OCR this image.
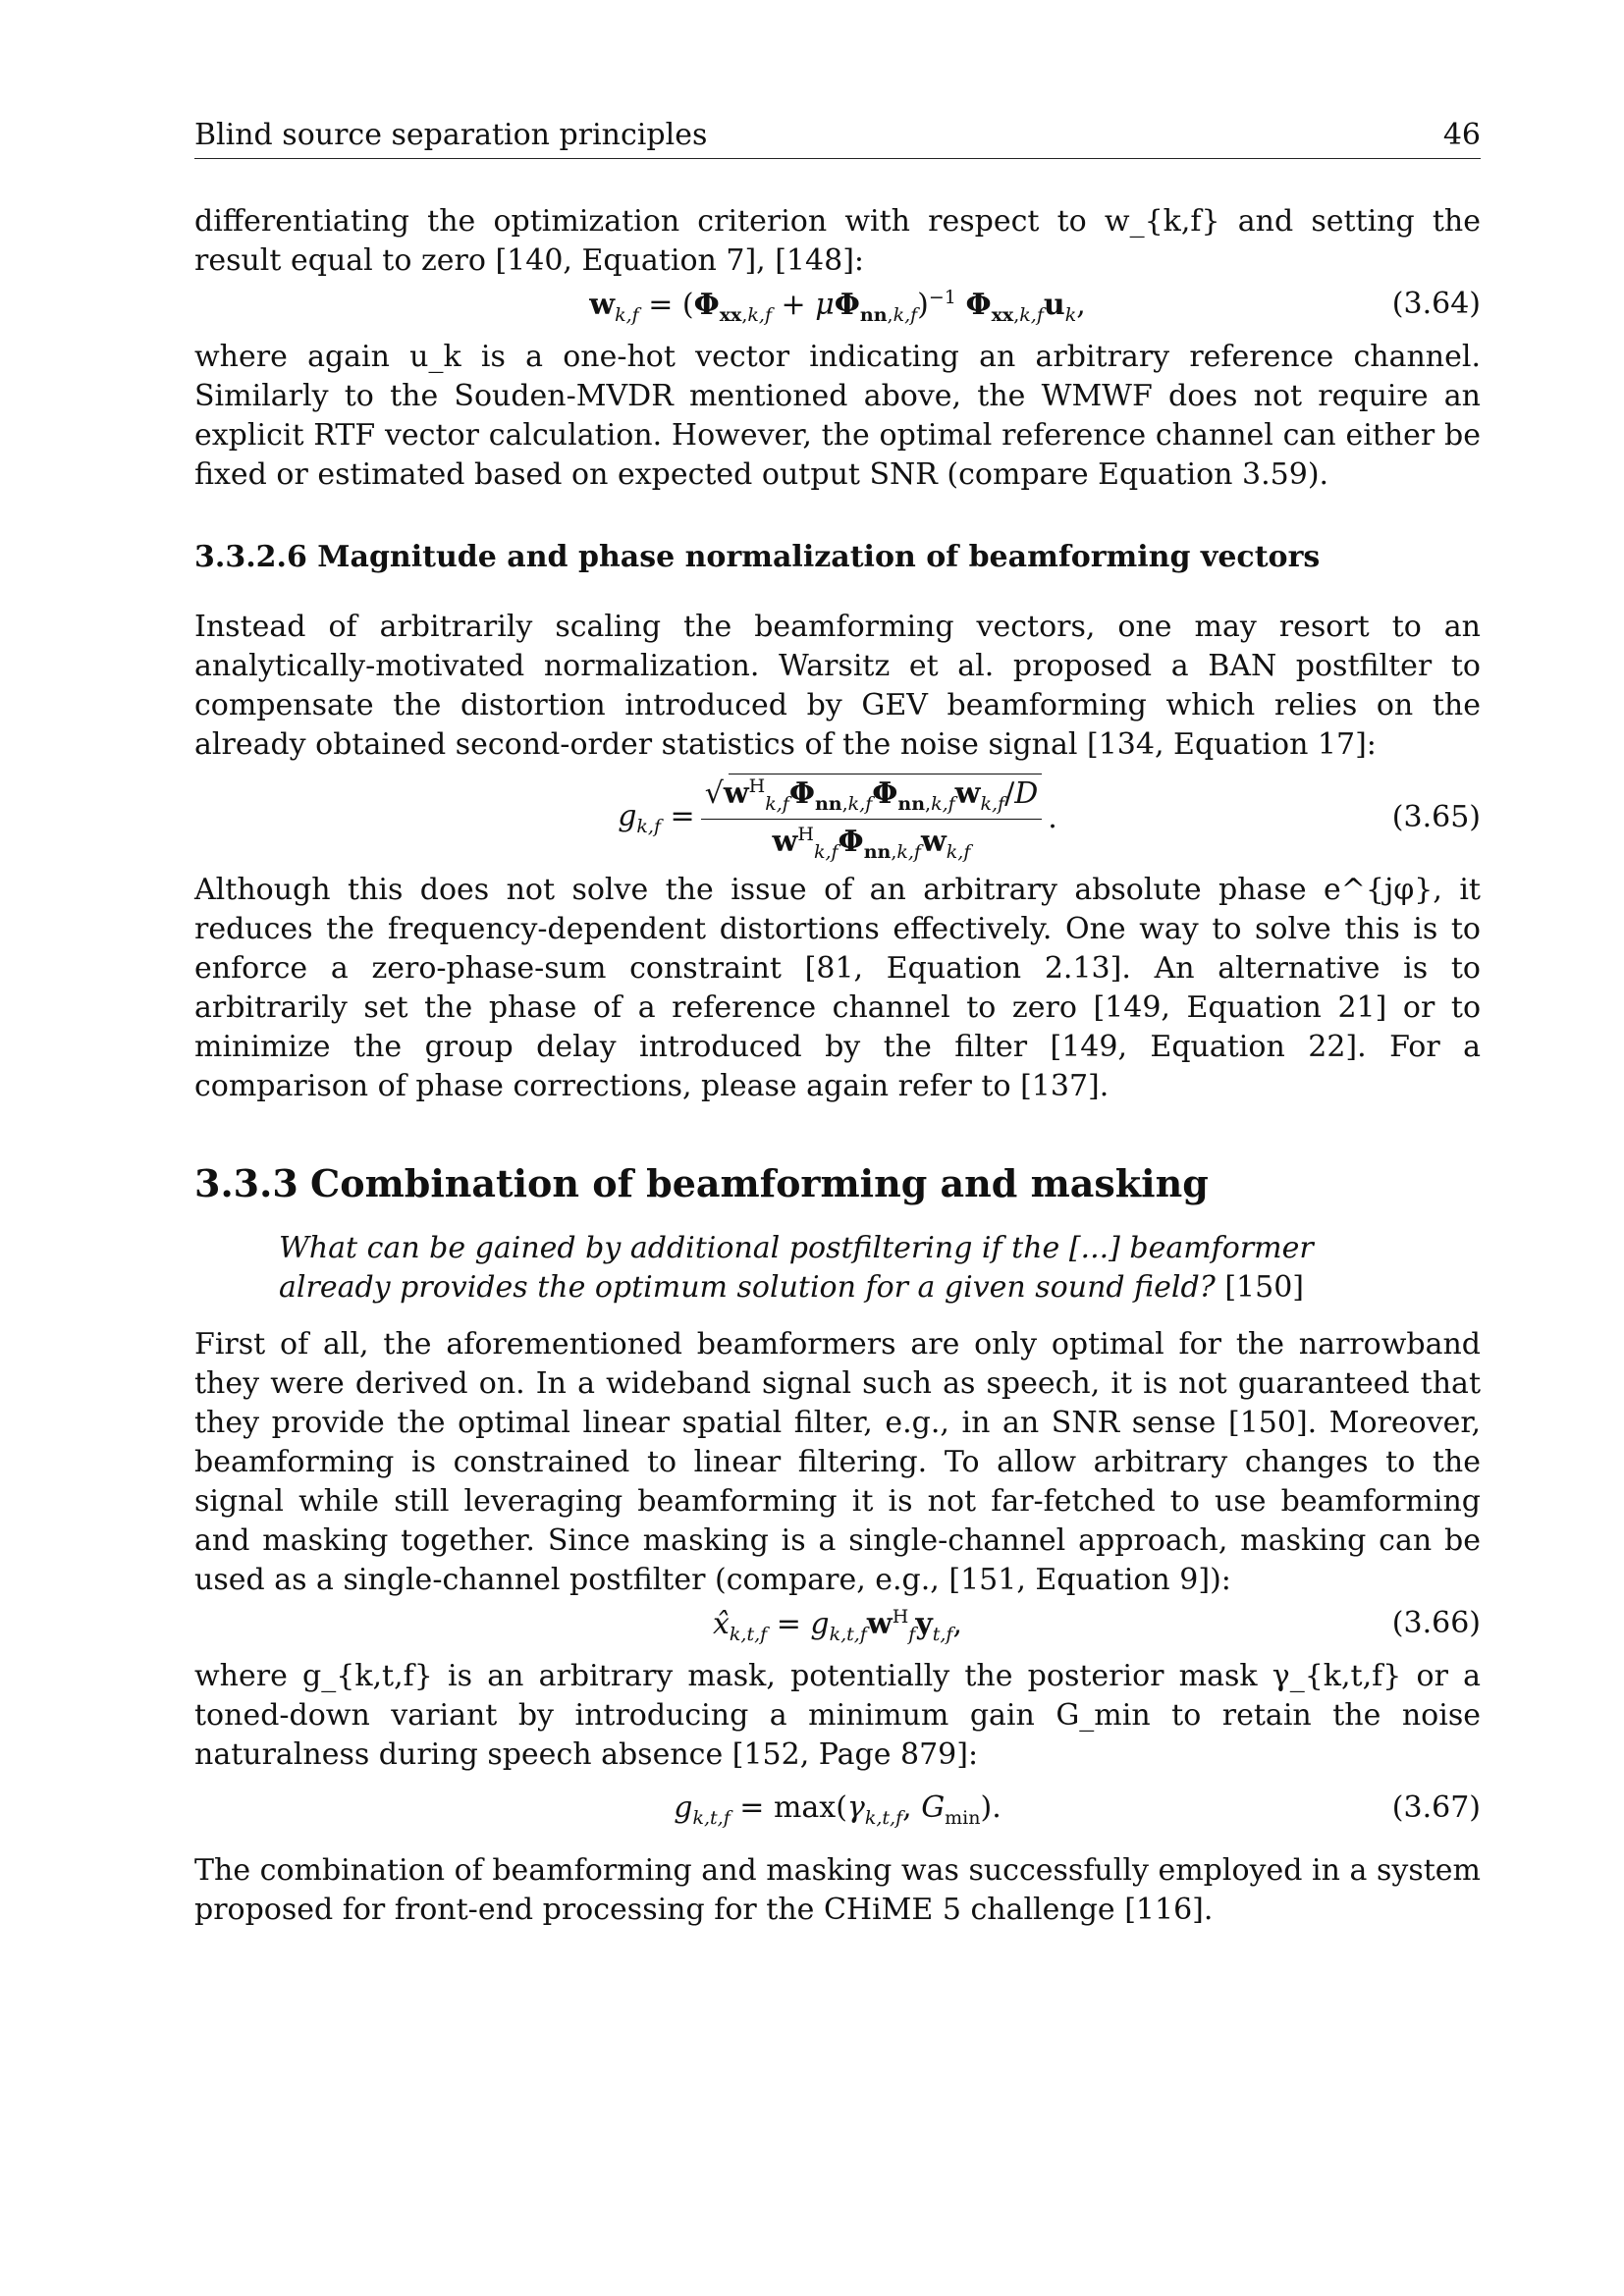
Blind source separation principles	46

differentiating the optimization criterion with respect to w_{k,f} and setting the result equal to zero [140, Equation 7], [148]:

$w_{k,f} = (\Phi_{xx,k,f} + \mu\Phi_{nn,k,f})^{-1}$ $\Phi_{xx,k,f}u_k$,	(3.64)

where again u_k is a one-hot vector indicating an arbitrary reference channel. Similarly to the Souden-MVDR mentioned above, the WMWF does not require an explicit RTF vector calculation. However, the optimal reference channel can either be fixed or estimated based on expected output SNR (compare Equation 3.59).

3.3.2.6 Magnitude and phase normalization of beamforming vectors

Instead of arbitrarily scaling the beamforming vectors, one may resort to an analytically-motivated normalization. Warsitz et al. proposed a BAN postfilter to compensate the distortion introduced by GEV beamforming which relies on the already obtained second-order statistics of the noise signal [134, Equation 17]:

$g_{k,f} = \frac{√w^H_{k,f}\Phi_{nn,k,f}\Phi_{nn,k,f}w_{k,f}/D}{w^H_{k,f}\Phi_{nn,k,f}w_{k,f}}$ .	(3.65)

Although this does not solve the issue of an arbitrary absolute phase e^{jφ}, it reduces the frequency-dependent distortions effectively. One way to solve this is to enforce a zero-phase-sum constraint [81, Equation 2.13]. An alternative is to arbitrarily set the phase of a reference channel to zero [149, Equation 21] or to minimize the group delay introduced by the filter [149, Equation 22]. For a comparison of phase corrections, please again refer to [137].

3.3.3 Combination of beamforming and masking

What can be gained by additional postfiltering if the [...] beamformer already provides the optimum solution for a given sound field? [150]

First of all, the aforementioned beamformers are only optimal for the narrowband they were derived on. In a wideband signal such as speech, it is not guaranteed that they provide the optimal linear spatial filter, e.g., in an SNR sense [150]. Moreover, beamforming is constrained to linear filtering. To allow arbitrary changes to the signal while still leveraging beamforming it is not far-fetched to use beamforming and masking together. Since masking is a single-channel approach, masking can be used as a single-channel postfilter (compare, e.g., [151, Equation 9]):

$x̂_{k,t,f} = g_{k,t,f}w^H_fy_{t,f}$,	(3.66)

where g_{k,t,f} is an arbitrary mask, potentially the posterior mask γ_{k,t,f} or a toned-down variant by introducing a minimum gain G_min to retain the noise naturalness during speech absence [152, Page 879]:

$g_{k,t,f} = \max(\gamma_{k,t,f}$, $G_{min}$).	(3.67)

The combination of beamforming and masking was successfully employed in a system proposed for front-end processing for the CHiME 5 challenge [116].
